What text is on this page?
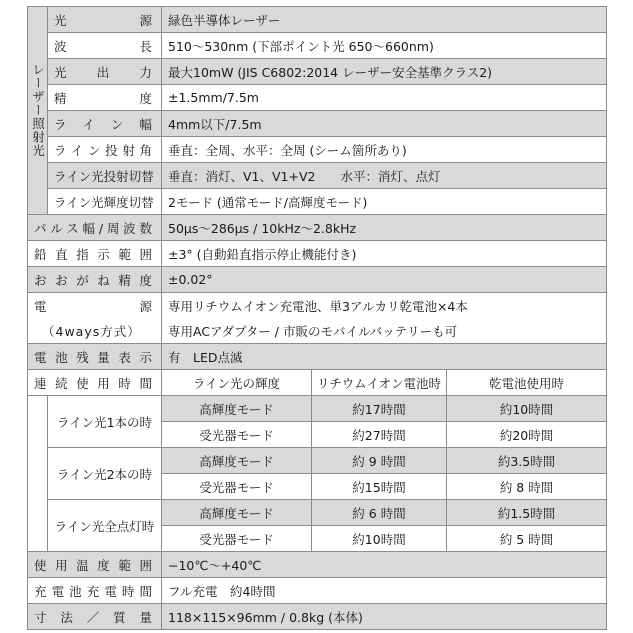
レーザー照射光	光　　　源	緑色半導体レーザー		
	波　　　長	510～530nm (下部ポイント光 650～660nm)		
	光　出　力	最大10mW (JIS C6802:2014 レーザー安全基準クラス2)		
	精　　　度	±1.5mm/7.5m		
	ライン幅	4mm以下/7.5m		
	ライン投射角	垂直：全周、水平：全周 (シーム箇所あり)		
	ライン光投射切替	垂直：消灯、V1、V1+V2　　水平：消灯、点灯		
	ライン光輝度切替	2モード (通常モード/高輝度モード)		
パルス幅/周波数		50μs～286μs / 10kHz～2.8kHz		
鉛直指示範囲		±3° (自動鉛直指示停止機能付き)		
おおがね精度		±0.02°		
電　　　　　　源		専用リチウムイオン充電池、単3アルカリ乾電池×4本		
（4ways方式）		専用ACアダプター / 市販のモバイルバッテリーも可		
電池残量表示		有　LED点滅		
連続使用時間		ライン光の輝度	リチウムイオン電池時	乾電池使用時
	ライン光1本の時	高輝度モード	約17時間	約10時間
		受光器モード	約27時間	約20時間
	ライン光2本の時	高輝度モード	約 9 時間	約3.5時間
		受光器モード	約15時間	約 8 時間
	ライン光全点灯時	高輝度モード	約 6 時間	約1.5時間
		受光器モード	約10時間	約 5 時間
使用温度範囲		−10℃～+40℃		
充電池充電時間		フル充電　約4時間		
寸法／質量		118×115×96mm / 0.8kg (本体)		
